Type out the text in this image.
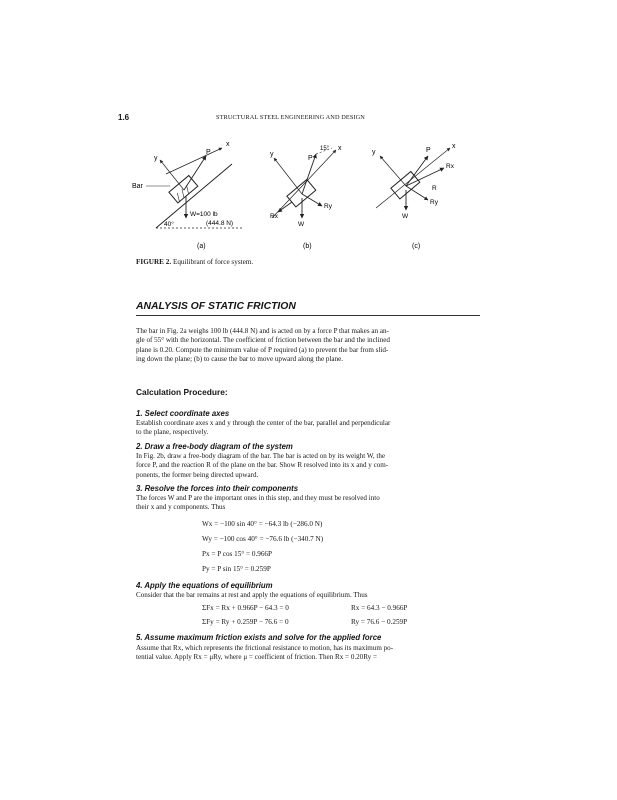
1.6	STRUCTURAL STEEL ENGINEERING AND DESIGN
Bar
y
x
P
W=100 lb
(444.8 N)
40°
(a)
y
x
P
15°
Ry
Rx
W
(b)
y
x
P
Rx
Ry
R
W
(c)
FIGURE 2. Equilibrant of force system.
ANALYSIS OF STATIC FRICTION
The bar in Fig. 2a weighs 100 lb (444.8 N) and is acted on by a force P that makes an an-
gle of 55° with the horizontal. The coefficient of friction between the bar and the inclined
plane is 0.20. Compute the minimum value of P required (a) to prevent the bar from slid-
ing down the plane; (b) to cause the bar to move upward along the plane.
Calculation Procedure:
1. Select coordinate axes
Establish coordinate axes x and y through the center of the bar, parallel and perpendicular
to the plane, respectively.
2. Draw a free-body diagram of the system
In Fig. 2b, draw a free-body diagram of the bar. The bar is acted on by its weight W, the
force P, and the reaction R of the plane on the bar. Show R resolved into its x and y com-
ponents, the former being directed upward.
3. Resolve the forces into their components
The forces W and P are the important ones in this step, and they must be resolved into
their x and y components. Thus
Wx = −100 sin 40° = −64.3 lb (−286.0 N)
Wy = −100 cos 40° = −76.6 lb (−340.7 N)
Px = P cos 15° = 0.966P
Py = P sin 15° = 0.259P
4. Apply the equations of equilibrium
Consider that the bar remains at rest and apply the equations of equilibrium. Thus
ΣFx = Rx + 0.966P − 64.3 = 0	Rx = 64.3 − 0.966P
ΣFy = Ry + 0.259P − 76.6 = 0	Ry = 76.6 − 0.259P
5. Assume maximum friction exists and solve for the applied force
Assume that Rx, which represents the frictional resistance to motion, has its maximum po-
tential value. Apply Rx = μRy, where μ = coefficient of friction. Then Rx = 0.20Ry =
